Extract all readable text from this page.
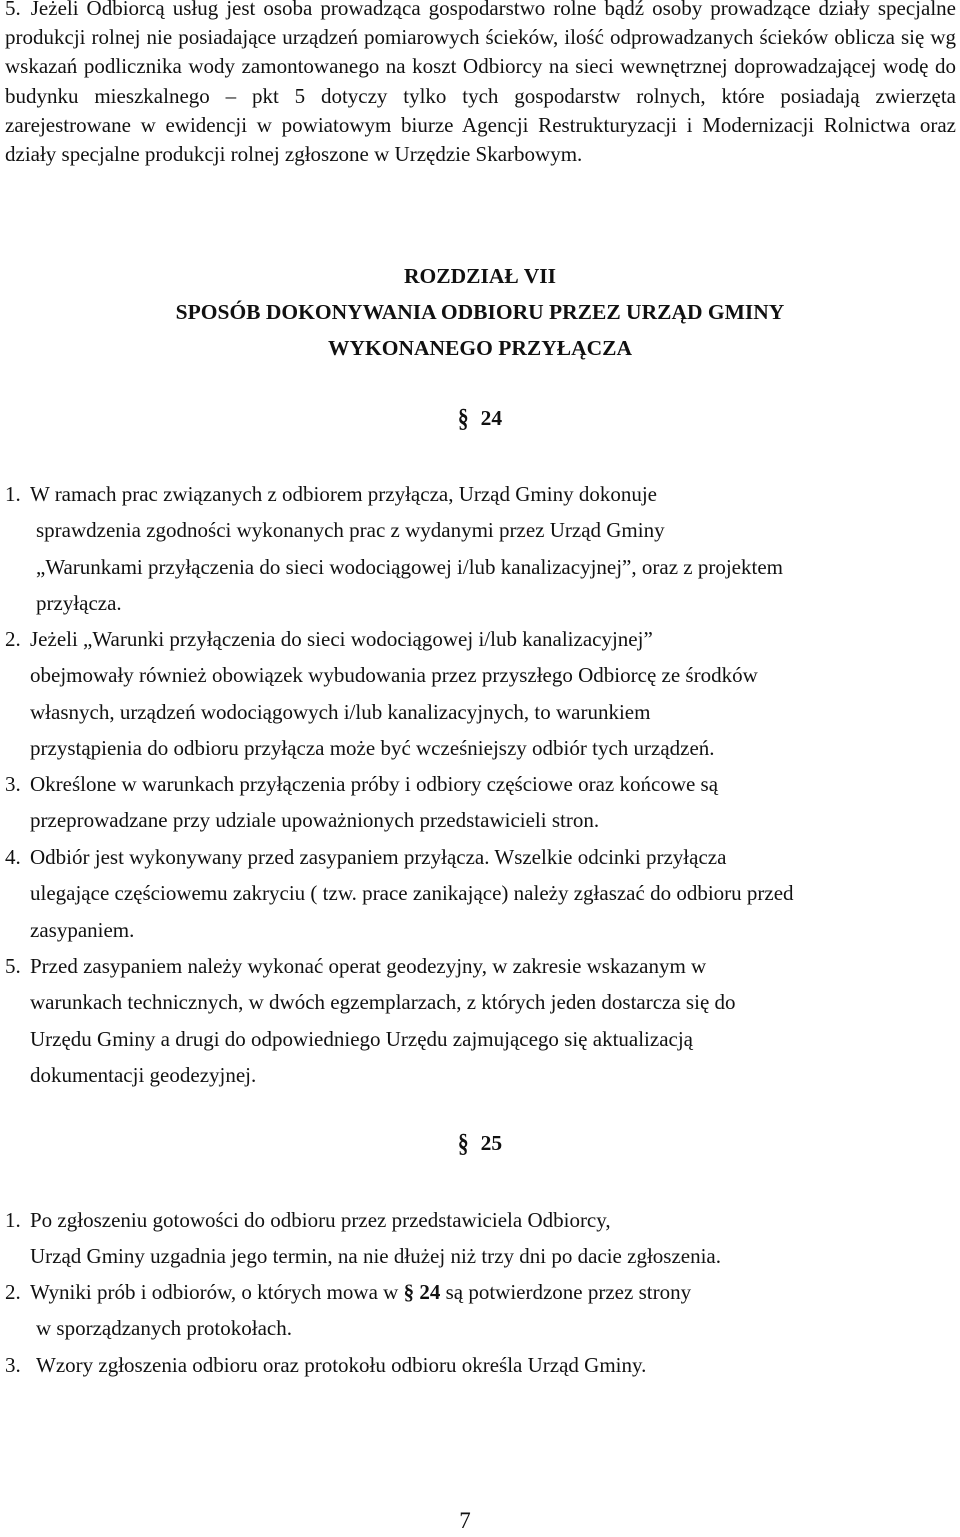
5. Jeżeli Odbiorcą usług jest osoba prowadząca gospodarstwo rolne bądź osoby prowadzące działy specjalne produkcji rolnej nie posiadające urządzeń pomiarowych ścieków, ilość odprowadzanych ścieków oblicza się wg wskazań podlicznika wody zamontowanego na koszt Odbiorcy na sieci wewnętrznej doprowadzającej wodę do budynku mieszkalnego – pkt 5 dotyczy tylko tych gospodarstw rolnych, które posiadają zwierzęta zarejestrowane w ewidencji w powiatowym biurze Agencji Restrukturyzacji i Modernizacji Rolnictwa oraz działy specjalne produkcji rolnej zgłoszone w Urzędzie Skarbowym.
ROZDZIAŁ VII
SPOSÓB DOKONYWANIA ODBIORU PRZEZ URZĄD GMINY
WYKONANEGO PRZYŁĄCZA
§ 24
1. W ramach prac związanych z odbiorem przyłącza, Urząd Gminy dokonuje
sprawdzenia zgodności wykonanych prac z wydanymi przez Urząd Gminy
„Warunkami przyłączenia do sieci wodociągowej i/lub kanalizacyjnej”, oraz z projektem
przyłącza.
2. Jeżeli „Warunki przyłączenia do sieci wodociągowej i/lub kanalizacyjnej”
obejmowały również obowiązek wybudowania przez przyszłego Odbiorcę ze środków
własnych, urządzeń wodociągowych i/lub kanalizacyjnych, to warunkiem
przystąpienia do odbioru przyłącza może być wcześniejszy odbiór tych urządzeń.
3. Określone w warunkach przyłączenia próby i odbiory częściowe oraz końcowe są
przeprowadzane przy udziale upoważnionych przedstawicieli stron.
4. Odbiór jest wykonywany przed zasypaniem przyłącza. Wszelkie odcinki przyłącza
ulegające częściowemu zakryciu ( tzw. prace zanikające) należy zgłaszać do odbioru przed
zasypaniem.
5. Przed zasypaniem należy wykonać operat geodezyjny, w zakresie wskazanym w
warunkach technicznych, w dwóch egzemplarzach, z których jeden dostarcza się do
Urzędu Gminy a drugi do odpowiedniego Urzędu zajmującego się aktualizacją
dokumentacji geodezyjnej.
§ 25
1. Po zgłoszeniu gotowości do odbioru przez przedstawiciela Odbiorcy,
Urząd Gminy uzgadnia jego termin, na nie dłużej niż trzy dni po dacie zgłoszenia.
2. Wyniki prób i odbiorów, o których mowa w § 24 są potwierdzone przez strony
w sporządzanych protokołach.
3. Wzory zgłoszenia odbioru oraz protokołu odbioru określa Urząd Gminy.
7
